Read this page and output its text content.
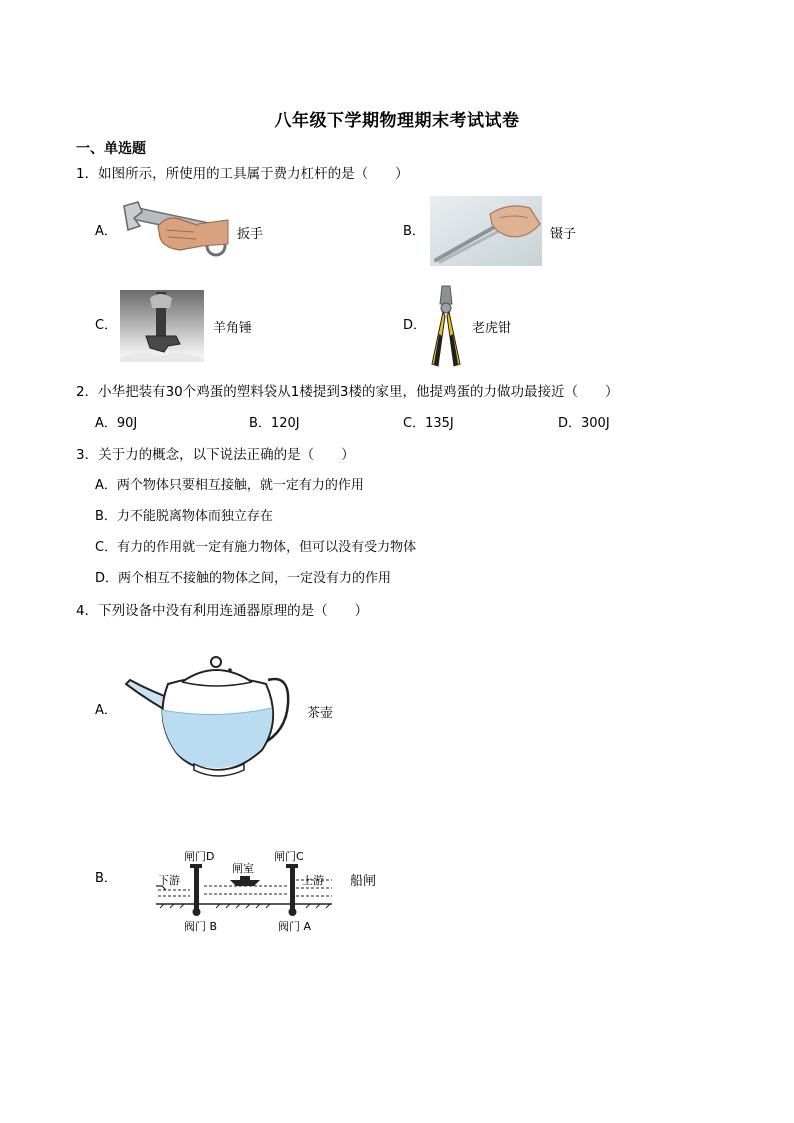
八年级下学期物理期末考试试卷
一、单选题
1．如图所示，所使用的工具属于费力杠杆的是（　　）
A．	扳手	B．	镊子
C．	羊角锤	D．	老虎钳
2．小华把装有30个鸡蛋的塑料袋从1楼提到3楼的家里，他提鸡蛋的力做功最接近（　　）
A．90J	B．120J	C．135J	D．300J
3．关于力的概念，以下说法正确的是（　　）
A．两个物体只要相互接触，就一定有力的作用
B．力不能脱离物体而独立存在
C．有力的作用就一定有施力物体，但可以没有受力物体
D．两个相互不接触的物体之间，一定没有力的作用
4．下列设备中没有利用连通器原理的是（　　）
A．	茶壶
B．
闸门D	闸门C
闸室
下游	上游
阀门 B	阀门 A
船闸
